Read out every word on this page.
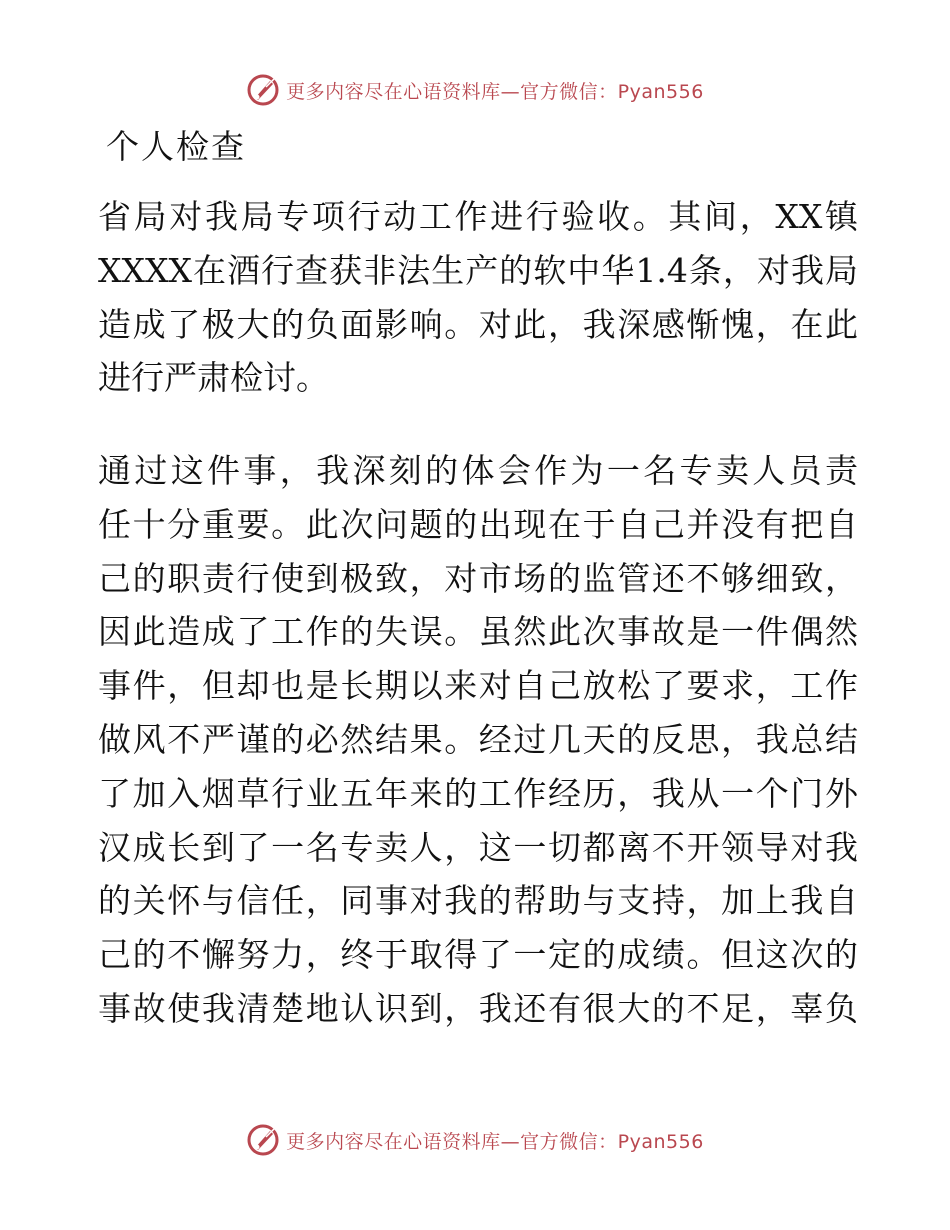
更多内容尽在心语资料库—官方微信：Pyan556
个人检查
省局对我局专项行动工作进行验收。其间，XX镇
XXXX在酒行查获非法生产的软中华1.4条，对我局
造成了极大的负面影响。对此，我深感惭愧，在此
进行严肃检讨。
通过这件事，我深刻的体会作为一名专卖人员责
任十分重要。此次问题的出现在于自己并没有把自
己的职责行使到极致，对市场的监管还不够细致，
因此造成了工作的失误。虽然此次事故是一件偶然
事件，但却也是长期以来对自己放松了要求，工作
做风不严谨的必然结果。经过几天的反思，我总结
了加入烟草行业五年来的工作经历，我从一个门外
汉成长到了一名专卖人，这一切都离不开领导对我
的关怀与信任，同事对我的帮助与支持，加上我自
己的不懈努力，终于取得了一定的成绩。但这次的
事故使我清楚地认识到，我还有很大的不足，辜负
更多内容尽在心语资料库—官方微信：Pyan556
